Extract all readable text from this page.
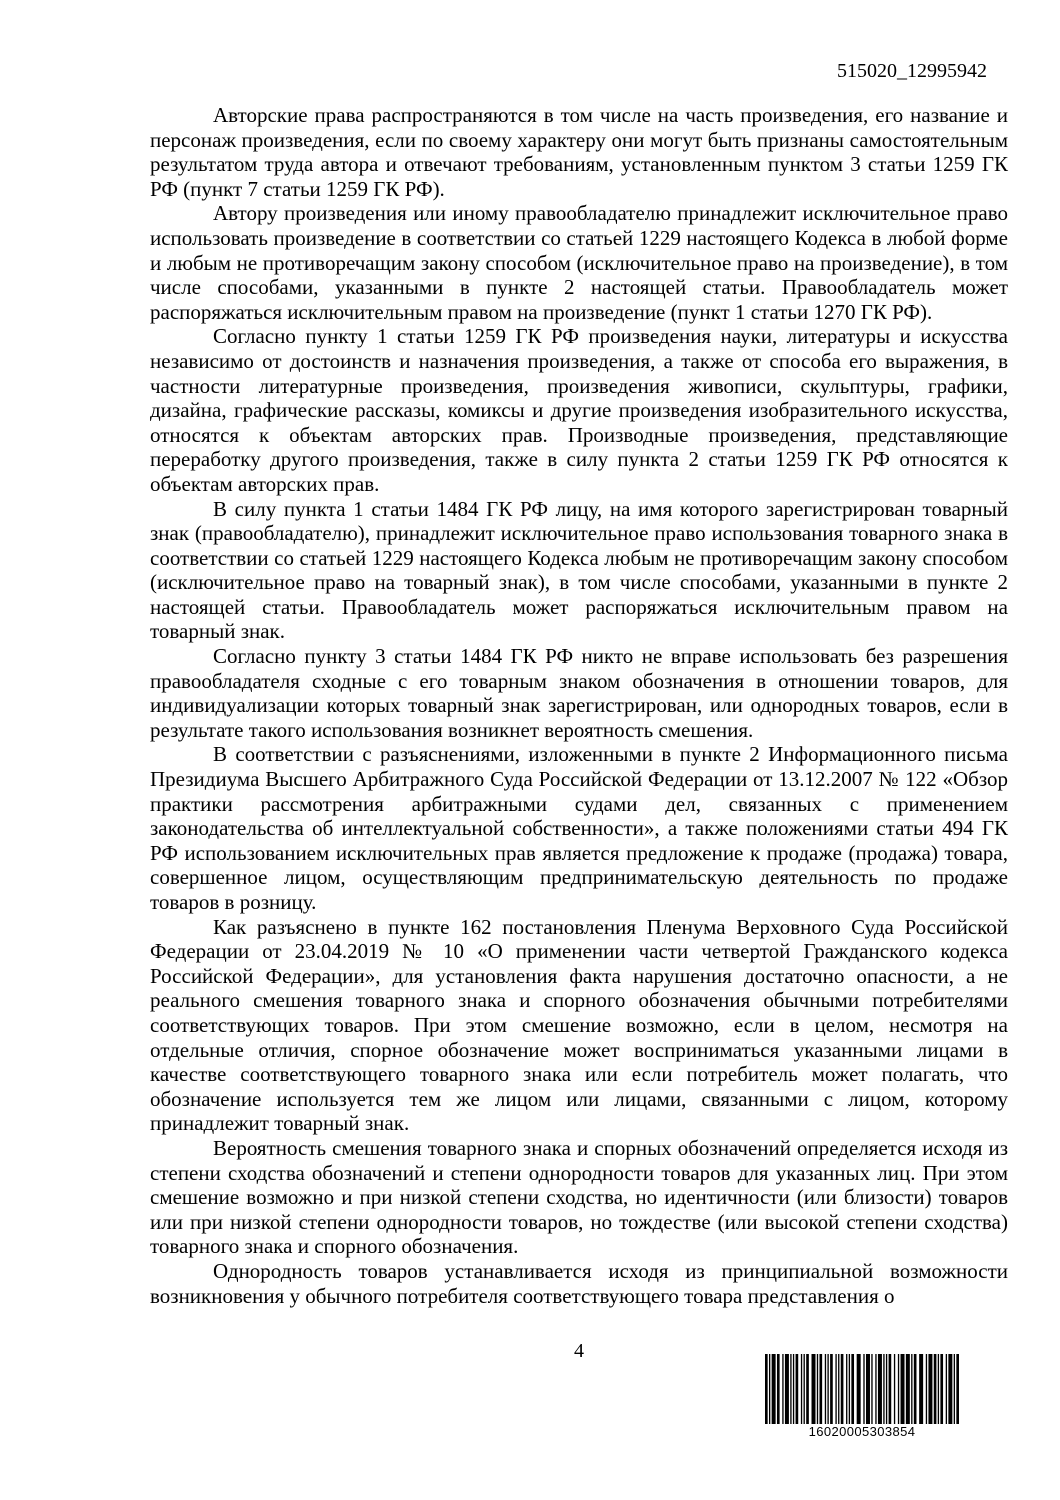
515020_12995942

Авторские права распространяются в том числе на часть произведения, его название и персонаж произведения, если по своему характеру они могут быть признаны самостоятельным результатом труда автора и отвечают требованиям, установленным пунктом 3 статьи 1259 ГК РФ (пункт 7 статьи 1259 ГК РФ).

Автору произведения или иному правообладателю принадлежит исключительное право использовать произведение в соответствии со статьей 1229 настоящего Кодекса в любой форме и любым не противоречащим закону способом (исключительное право на произведение), в том числе способами, указанными в пункте 2 настоящей статьи. Правообладатель может распоряжаться исключительным правом на произведение (пункт 1 статьи 1270 ГК РФ).

Согласно пункту 1 статьи 1259 ГК РФ произведения науки, литературы и искусства независимо от достоинств и назначения произведения, а также от способа его выражения, в частности литературные произведения, произведения живописи, скульптуры, графики, дизайна, графические рассказы, комиксы и другие произведения изобразительного искусства, относятся к объектам авторских прав. Производные произведения, представляющие переработку другого произведения, также в силу пункта 2 статьи 1259 ГК РФ относятся к объектам авторских прав.

В силу пункта 1 статьи 1484 ГК РФ лицу, на имя которого зарегистрирован товарный знак (правообладателю), принадлежит исключительное право использования товарного знака в соответствии со статьей 1229 настоящего Кодекса любым не противоречащим закону способом (исключительное право на товарный знак), в том числе способами, указанными в пункте 2 настоящей статьи. Правообладатель может распоряжаться исключительным правом на товарный знак.

Согласно пункту 3 статьи 1484 ГК РФ никто не вправе использовать без разрешения правообладателя сходные с его товарным знаком обозначения в отношении товаров, для индивидуализации которых товарный знак зарегистрирован, или однородных товаров, если в результате такого использования возникнет вероятность смешения.

В соответствии с разъяснениями, изложенными в пункте 2 Информационного письма Президиума Высшего Арбитражного Суда Российской Федерации от 13.12.2007 № 122 «Обзор практики рассмотрения арбитражными судами дел, связанных с применением законодательства об интеллектуальной собственности», а также положениями статьи 494 ГК РФ использованием исключительных прав является предложение к продаже (продажа) товара, совершенное лицом, осуществляющим предпринимательскую деятельность по продаже товаров в розницу.

Как разъяснено в пункте 162 постановления Пленума Верховного Суда Российской Федерации от 23.04.2019 № 10 «О применении части четвертой Гражданского кодекса Российской Федерации», для установления факта нарушения достаточно опасности, а не реального смешения товарного знака и спорного обозначения обычными потребителями соответствующих товаров. При этом смешение возможно, если в целом, несмотря на отдельные отличия, спорное обозначение может восприниматься указанными лицами в качестве соответствующего товарного знака или если потребитель может полагать, что обозначение используется тем же лицом или лицами, связанными с лицом, которому принадлежит товарный знак.

Вероятность смешения товарного знака и спорных обозначений определяется исходя из степени сходства обозначений и степени однородности товаров для указанных лиц. При этом смешение возможно и при низкой степени сходства, но идентичности (или близости) товаров или при низкой степени однородности товаров, но тождестве (или высокой степени сходства) товарного знака и спорного обозначения.

Однородность товаров устанавливается исходя из принципиальной возможности возникновения у обычного потребителя соответствующего товара представления о

4
16020005303854
